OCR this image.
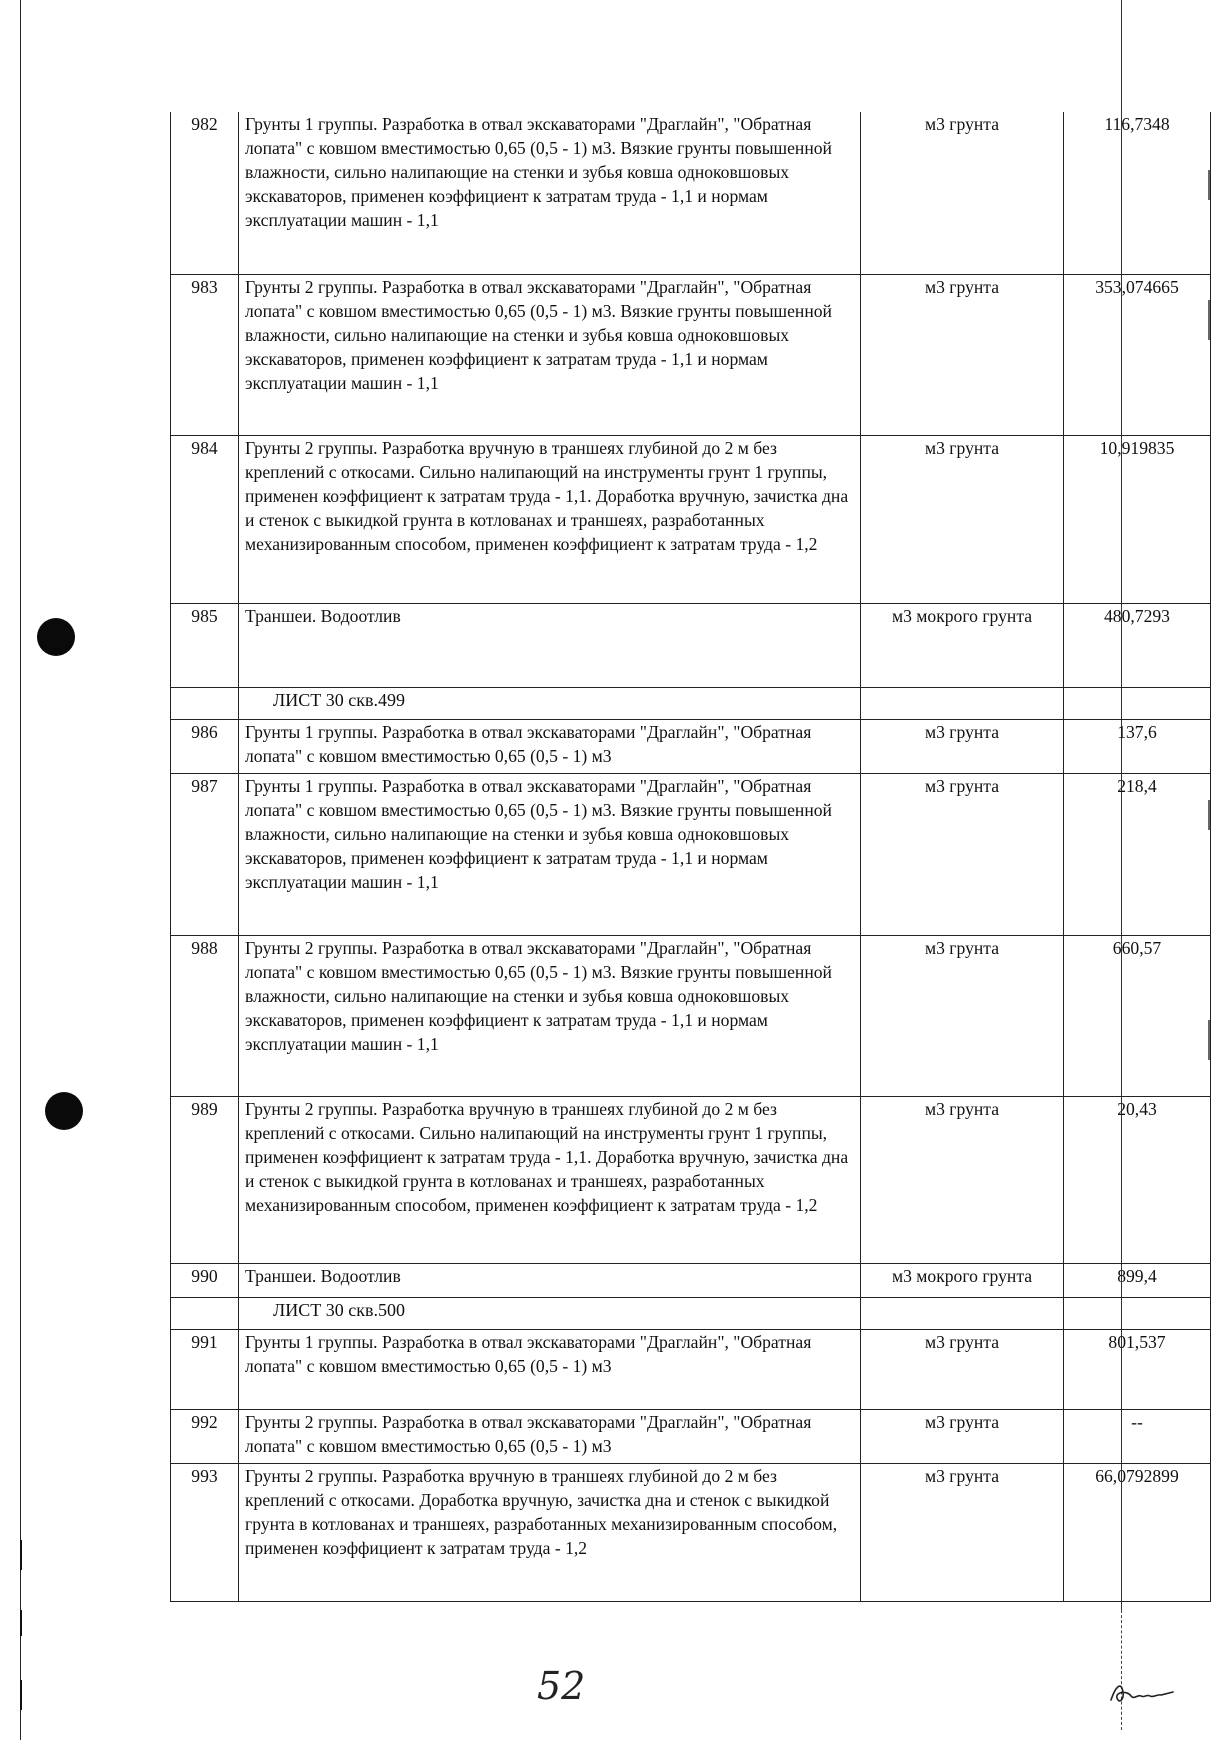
982	Грунты 1 группы. Разработка в отвал экскаваторами "Драглайн", "Обратная лопата" с ковшом вместимостью 0,65 (0,5 - 1) м3. Вязкие грунты повышенной влажности, сильно налипающие на стенки и зубья ковша одноковшовых экскаваторов, применен коэффициент к затратам труда - 1,1 и нормам эксплуатации машин - 1,1	м3 грунта	116,7348
983	Грунты 2 группы. Разработка в отвал экскаваторами "Драглайн", "Обратная лопата" с ковшом вместимостью 0,65 (0,5 - 1) м3. Вязкие грунты повышенной влажности, сильно налипающие на стенки и зубья ковша одноковшовых экскаваторов, применен коэффициент к затратам труда - 1,1 и нормам эксплуатации машин - 1,1	м3 грунта	353,074665
984	Грунты 2 группы. Разработка вручную в траншеях глубиной до 2 м без креплений с откосами. Сильно налипающий на инструменты грунт 1 группы, применен коэффициент к затратам труда - 1,1. Доработка вручную, зачистка дна и стенок с выкидкой грунта в котлованах и траншеях, разработанных механизированным способом, применен коэффициент к затратам труда - 1,2	м3 грунта	10,919835
985	Траншеи. Водоотлив	м3 мокрого грунта	480,7293
	ЛИСТ 30 скв.499		
986	Грунты 1 группы. Разработка в отвал экскаваторами "Драглайн", "Обратная лопата" с ковшом вместимостью 0,65 (0,5 - 1) м3	м3 грунта	137,6
987	Грунты 1 группы. Разработка в отвал экскаваторами "Драглайн", "Обратная лопата" с ковшом вместимостью 0,65 (0,5 - 1) м3. Вязкие грунты повышенной влажности, сильно налипающие на стенки и зубья ковша одноковшовых экскаваторов, применен коэффициент к затратам труда - 1,1 и нормам эксплуатации машин - 1,1	м3 грунта	218,4
988	Грунты 2 группы. Разработка в отвал экскаваторами "Драглайн", "Обратная лопата" с ковшом вместимостью 0,65 (0,5 - 1) м3. Вязкие грунты повышенной влажности, сильно налипающие на стенки и зубья ковша одноковшовых экскаваторов, применен коэффициент к затратам труда - 1,1 и нормам эксплуатации машин - 1,1	м3 грунта	660,57
989	Грунты 2 группы. Разработка вручную в траншеях глубиной до 2 м без креплений с откосами. Сильно налипающий на инструменты грунт 1 группы, применен коэффициент к затратам труда - 1,1. Доработка вручную, зачистка дна и стенок с выкидкой грунта в котлованах и траншеях, разработанных механизированным способом, применен коэффициент к затратам труда - 1,2	м3 грунта	20,43
990	Траншеи. Водоотлив	м3 мокрого грунта	899,4
	ЛИСТ 30 скв.500		
991	Грунты 1 группы. Разработка в отвал экскаваторами "Драглайн", "Обратная лопата" с ковшом вместимостью 0,65 (0,5 - 1) м3	м3 грунта	801,537
992	Грунты 2 группы. Разработка в отвал экскаваторами "Драглайн", "Обратная лопата" с ковшом вместимостью 0,65 (0,5 - 1) м3	м3 грунта	--
993	Грунты 2 группы. Разработка вручную в траншеях глубиной до 2 м без креплений с откосами. Доработка вручную, зачистка дна и стенок с выкидкой грунта в котлованах и траншеях, разработанных механизированным способом, применен коэффициент к затратам труда - 1,2	м3 грунта	66,0792899
52
